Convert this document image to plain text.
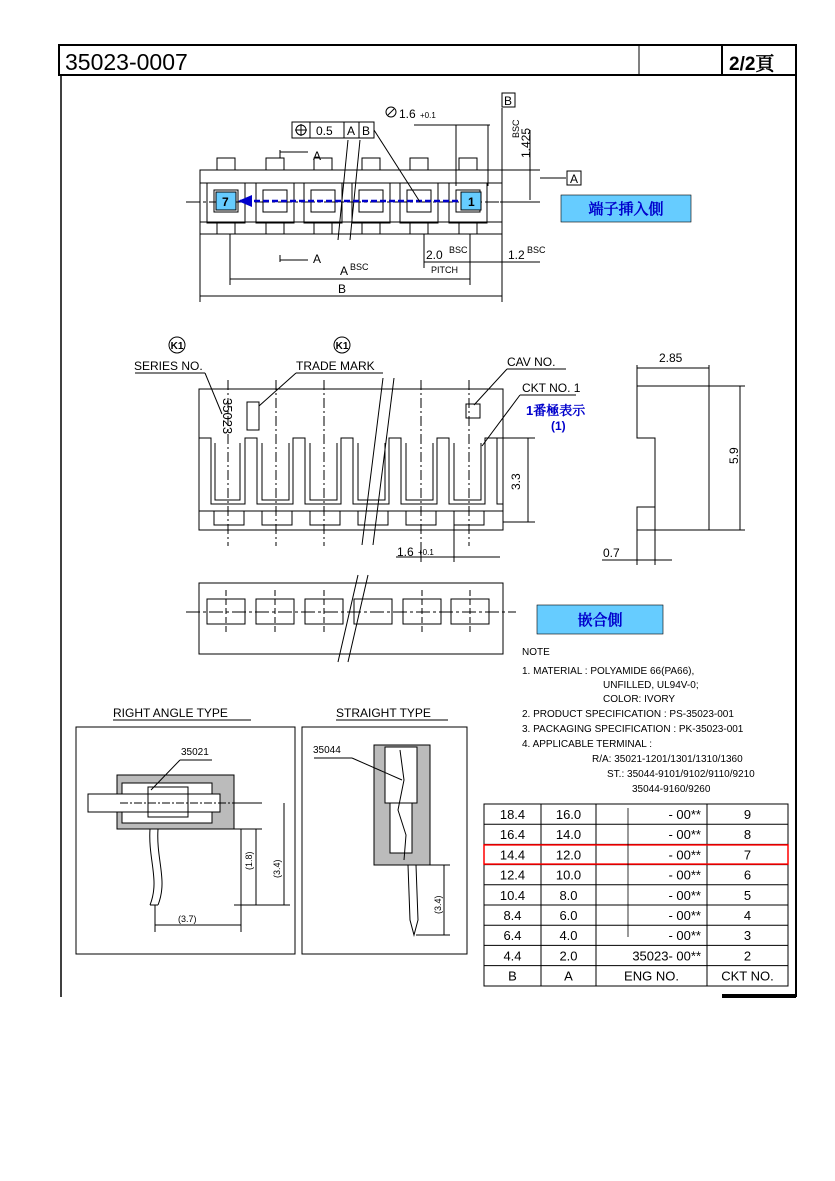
35023-0007	2/2頁
0.5 A B
1.6 +0.1
B
BSC
1.425
A
A
A
7	1
2.0 BSC
PITCH
1.2 BSC
A BSC
B
端子挿入側
K1	K1
SERIES NO.	TRADE MARK	CAV NO.
CKT NO. 1
35023	1番極表示
(1)
3.3
1.6 +0.1
2.85
5.9
0.7
嵌合側
NOTE
1. MATERIAL : POLYAMIDE 66(PA66),
UNFILLED, UL94V-0;
COLOR: IVORY
2. PRODUCT SPECIFICATION : PS-35023-001
3. PACKAGING SPECIFICATION : PK-35023-001
4. APPLICABLE TERMINAL :
R/A: 35021-1201/1301/1310/1360
ST.: 35044-9101/9102/9110/9210
35044-9160/9260
RIGHT ANGLE TYPE
35021
(1.8) (3.4)
(3.7)
STRAIGHT TYPE
35044
(3.4)
18.4 16.0	- 00**	9
16.4 14.0	- 00**	8
14.4 12.0	- 00**	7
12.4 10.0	- 00**	6
10.4	8.0	- 00**	5
8.4	6.0	- 00**	4
6.4	4.0	- 00**	3
4.4	2.0	35023- 00**	2
B	A	ENG NO.	CKT NO.
